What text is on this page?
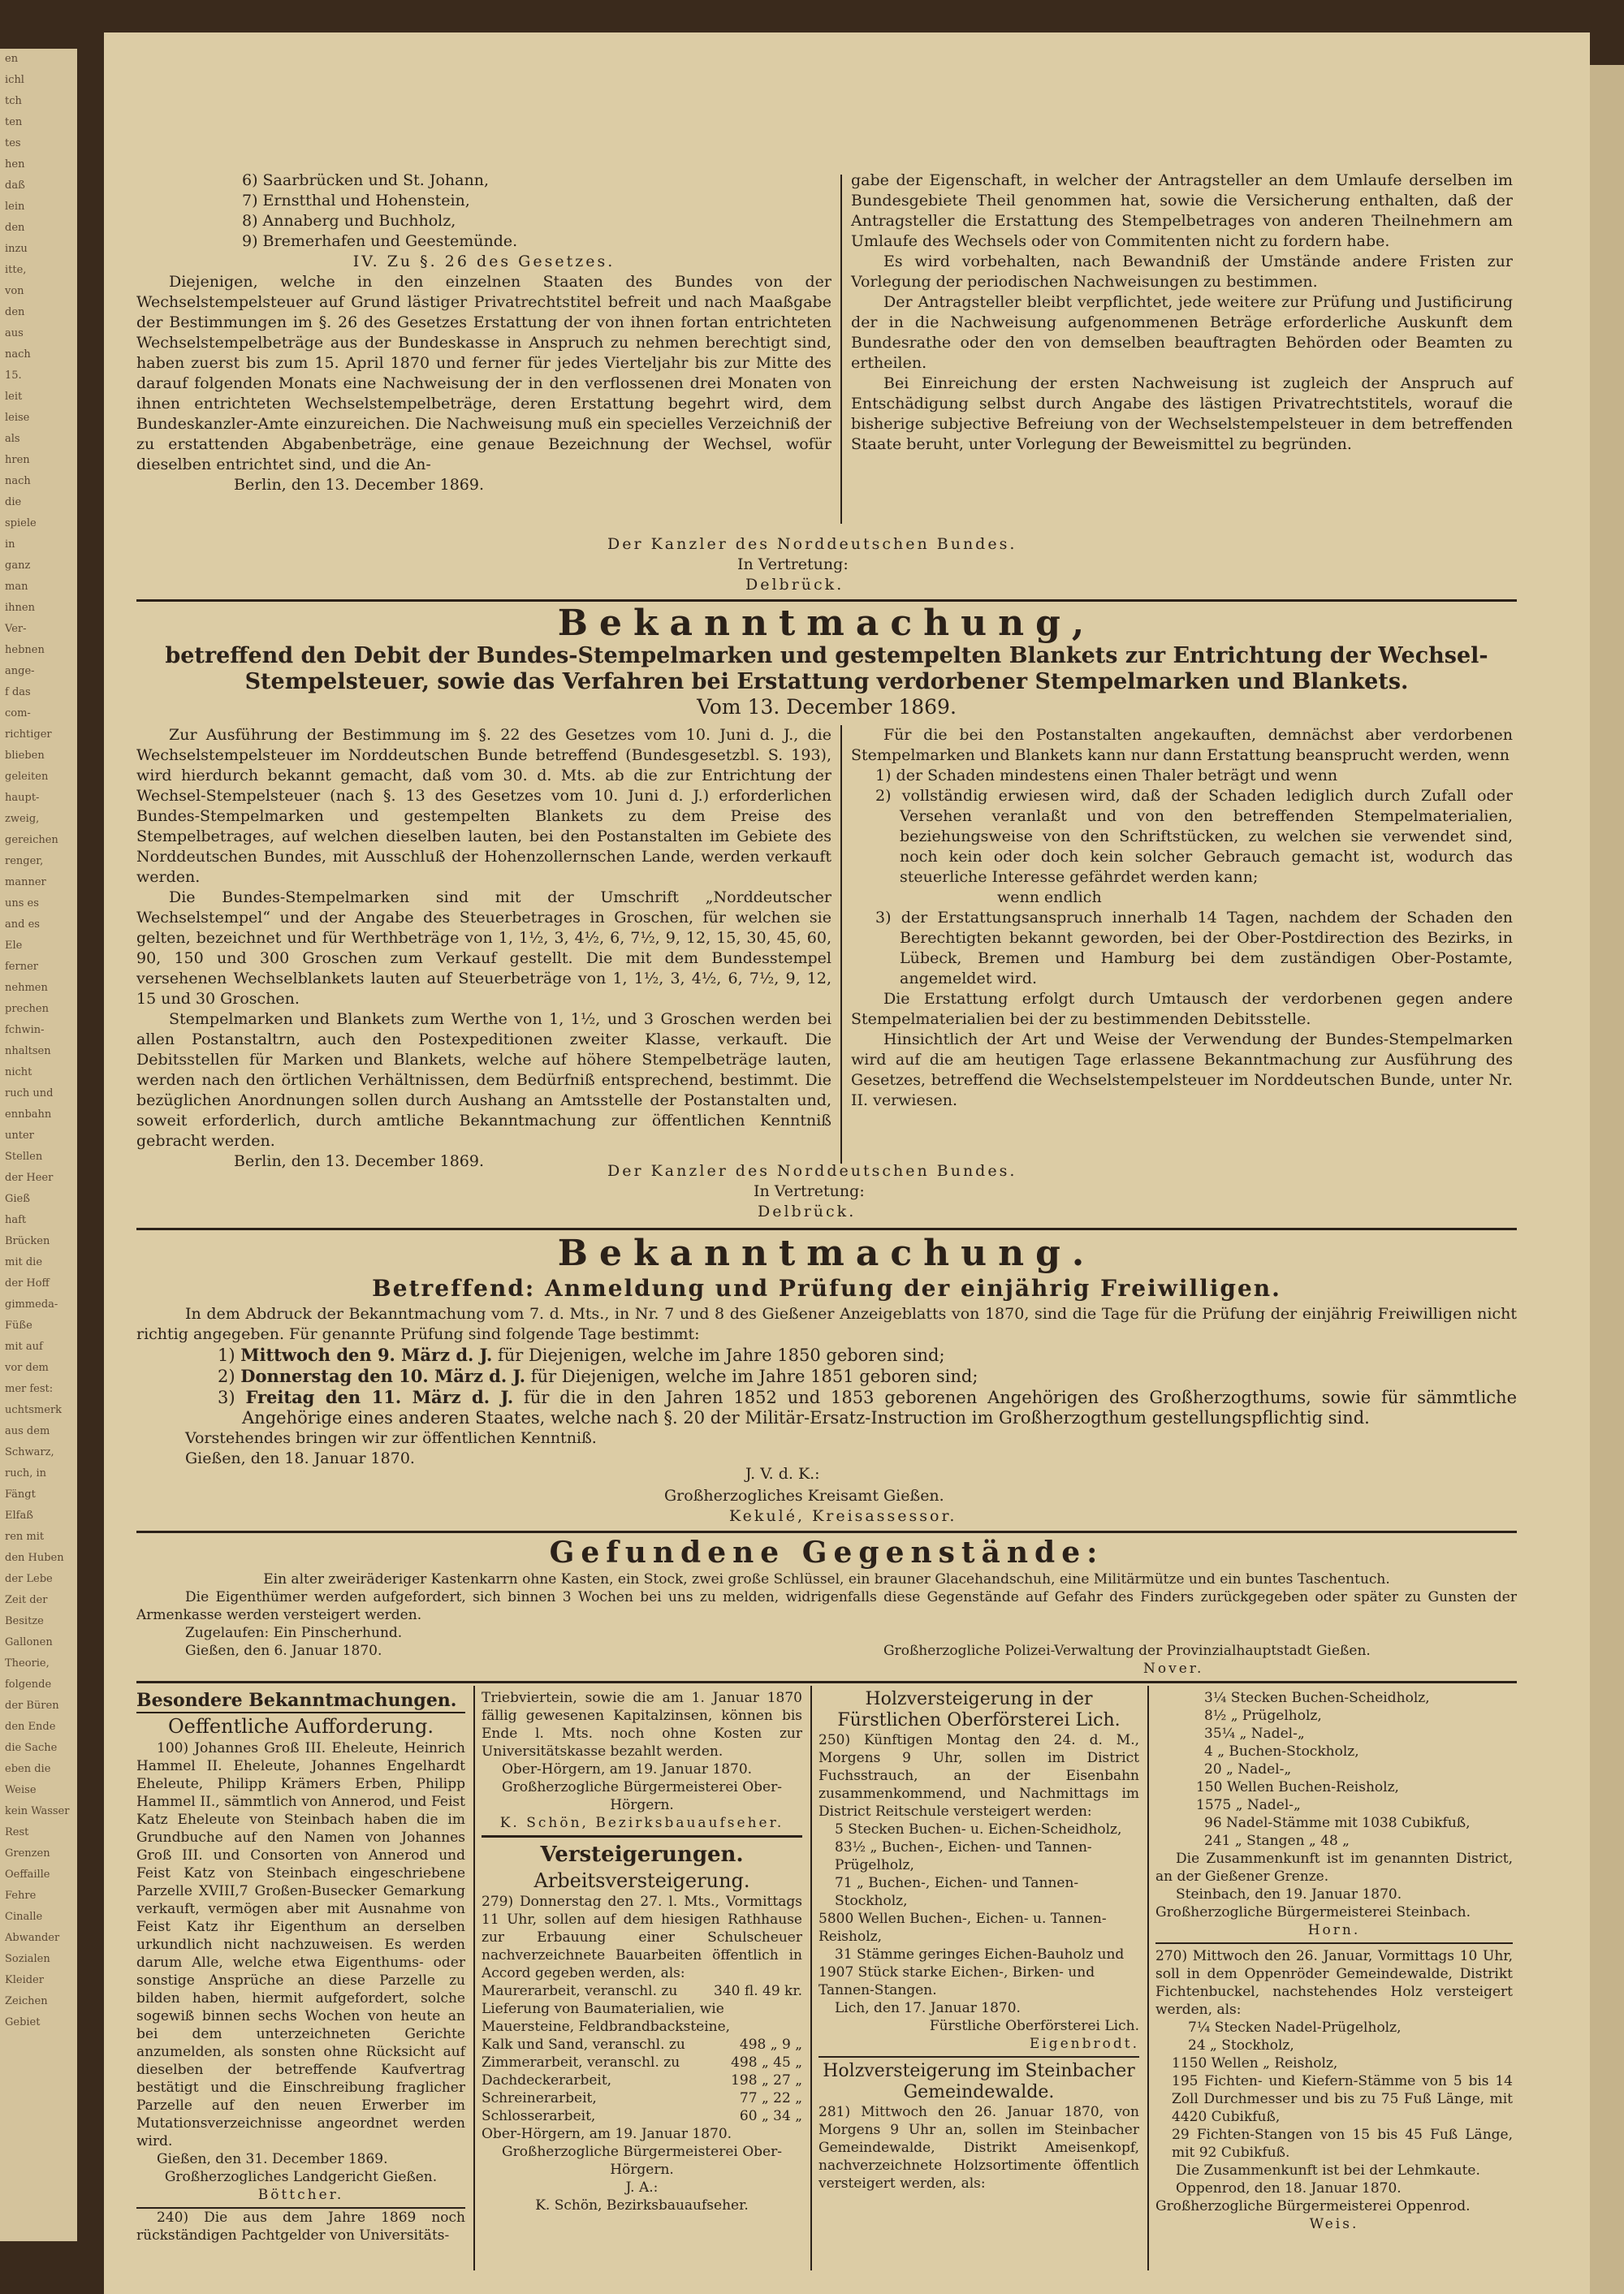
en
ichl
tch
ten
tes
hen
daß
lein
den
inzu
itte,
von
den
aus
nach
15.
leit
leise
als
hren
nach
die
spiele
in
ganz
man
ihnen
Ver-
hebnen
ange-
f das
com-
richtiger
blieben
geleiten
haupt-
zweig,
gereichen
renger,
manner
uns es
and es
Ele
ferner
nehmen
prechen
fchwin-
nhaltsen
nicht
ruch und
ennbahn
unter
Stellen
der Heer
Gieß
haft
Brücken
mit die
der Hoff
gimmeda-
Füße
mit auf
vor dem
mer fest:
uchtsmerk
aus dem
Schwarz,
ruch, in
Fängt
Elfaß
ren mit
den Huben
der Lebe
Zeit der
Besitze
Gallonen
Theorie,
folgende
der Büren
den Ende
die Sache
eben die
Weise
kein Wasser
Rest
Grenzen
Oeffaille
Fehre
Cinalle
Abwander
Sozialen
Kleider
Zeichen
Gebiet

6) Saarbrücken und St. Johann,

7) Ernstthal und Hohenstein,

8) Annaberg und Buchholz,

9) Bremerhafen und Geestemünde.

IV. Zu §. 26 des Gesetzes.

Diejenigen, welche in den einzelnen Staaten des Bundes von der Wechselstempelsteuer auf Grund lästiger Privatrechtstitel befreit und nach Maaßgabe der Bestimmungen im §. 26 des Gesetzes Erstattung der von ihnen fortan entrichteten Wechselstempelbeträge aus der Bundeskasse in Anspruch zu nehmen berechtigt sind, haben zuerst bis zum 15. April 1870 und ferner für jedes Vierteljahr bis zur Mitte des darauf folgenden Monats eine Nachweisung der in den verflossenen drei Monaten von ihnen entrichteten Wechselstempelbeträge, deren Erstattung begehrt wird, dem Bundeskanzler-Amte einzureichen. Die Nachweisung muß ein specielles Verzeichniß der zu erstattenden Abgabenbeträge, eine genaue Bezeichnung der Wechsel, wofür dieselben entrichtet sind, und die An-

Berlin, den 13. December 1869.

gabe der Eigenschaft, in welcher der Antragsteller an dem Umlaufe derselben im Bundesgebiete Theil genommen hat, sowie die Versicherung enthalten, daß der Antragsteller die Erstattung des Stempelbetrages von anderen Theilnehmern am Umlaufe des Wechsels oder von Commitenten nicht zu fordern habe.

Es wird vorbehalten, nach Bewandniß der Umstände andere Fristen zur Vorlegung der periodischen Nachweisungen zu bestimmen.

Der Antragsteller bleibt verpflichtet, jede weitere zur Prüfung und Justificirung der in die Nachweisung aufgenommenen Beträge erforderliche Auskunft dem Bundesrathe oder den von demselben beauftragten Behörden oder Beamten zu ertheilen.

Bei Einreichung der ersten Nachweisung ist zugleich der Anspruch auf Entschädigung selbst durch Angabe des lästigen Privatrechtstitels, worauf die bisherige subjective Befreiung von der Wechselstempelsteuer in dem betreffenden Staate beruht, unter Vorlegung der Beweismittel zu begründen.

Der Kanzler des Norddeutschen Bundes.

In Vertretung:

Delbrück.

Bekanntmachung,

betreffend den Debit der Bundes-Stempelmarken und gestempelten Blankets zur Entrichtung der Wechsel-

Stempelsteuer, sowie das Verfahren bei Erstattung verdorbener Stempelmarken und Blankets.

Vom 13. December 1869.

Zur Ausführung der Bestimmung im §. 22 des Gesetzes vom 10. Juni d. J., die Wechselstempelsteuer im Norddeutschen Bunde betreffend (Bundesgesetzbl. S. 193), wird hierdurch bekannt gemacht, daß vom 30. d. Mts. ab die zur Entrichtung der Wechsel-Stempelsteuer (nach §. 13 des Gesetzes vom 10. Juni d. J.) erforderlichen Bundes-Stempelmarken und gestempelten Blankets zu dem Preise des Stempelbetrages, auf welchen dieselben lauten, bei den Postanstalten im Gebiete des Norddeutschen Bundes, mit Ausschluß der Hohenzollernschen Lande, werden verkauft werden.

Die Bundes-Stempelmarken sind mit der Umschrift „Norddeutscher Wechselstempel“ und der Angabe des Steuerbetrages in Groschen, für welchen sie gelten, bezeichnet und für Werthbeträge von 1, 1½, 3, 4½, 6, 7½, 9, 12, 15, 30, 45, 60, 90, 150 und 300 Groschen zum Verkauf gestellt. Die mit dem Bundesstempel versehenen Wechselblankets lauten auf Steuerbeträge von 1, 1½, 3, 4½, 6, 7½, 9, 12, 15 und 30 Groschen.

Stempelmarken und Blankets zum Werthe von 1, 1½, und 3 Groschen werden bei allen Postanstaltrn, auch den Postexpeditionen zweiter Klasse, verkauft. Die Debitsstellen für Marken und Blankets, welche auf höhere Stempelbeträge lauten, werden nach den örtlichen Verhältnissen, dem Bedürfniß entsprechend, bestimmt. Die bezüglichen Anordnungen sollen durch Aushang an Amtsstelle der Postanstalten und, soweit erforderlich, durch amtliche Bekanntmachung zur öffentlichen Kenntniß gebracht werden.

Berlin, den 13. December 1869.

Für die bei den Postanstalten angekauften, demnächst aber verdorbenen Stempelmarken und Blankets kann nur dann Erstattung beansprucht werden, wenn

1) der Schaden mindestens einen Thaler beträgt und wenn

2) vollständig erwiesen wird, daß der Schaden lediglich durch Zufall oder Versehen veranlaßt und von den betreffenden Stempelmaterialien, beziehungsweise von den Schriftstücken, zu welchen sie verwendet sind, noch kein oder doch kein solcher Gebrauch gemacht ist, wodurch das steuerliche Interesse gefährdet werden kann;

wenn endlich

3) der Erstattungsanspruch innerhalb 14 Tagen, nachdem der Schaden den Berechtigten bekannt geworden, bei der Ober-Postdirection des Bezirks, in Lübeck, Bremen und Hamburg bei dem zuständigen Ober-Postamte, angemeldet wird.

Die Erstattung erfolgt durch Umtausch der verdorbenen gegen andere Stempelmaterialien bei der zu bestimmenden Debitsstelle.

Hinsichtlich der Art und Weise der Verwendung der Bundes-Stempelmarken wird auf die am heutigen Tage erlassene Bekanntmachung zur Ausführung des Gesetzes, betreffend die Wechselstempelsteuer im Norddeutschen Bunde, unter Nr. II. verwiesen.

Der Kanzler des Norddeutschen Bundes.

In Vertretung:

Delbrück.

Bekanntmachung.

Betreffend: Anmeldung und Prüfung der einjährig Freiwilligen.

In dem Abdruck der Bekanntmachung vom 7. d. Mts., in Nr. 7 und 8 des Gießener Anzeigeblatts von 1870, sind die Tage für die Prüfung der einjährig Freiwilligen nicht richtig angegeben. Für genannte Prüfung sind folgende Tage bestimmt:

1) Mittwoch den 9. März d. J. für Diejenigen, welche im Jahre 1850 geboren sind;

2) Donnerstag den 10. März d. J. für Diejenigen, welche im Jahre 1851 geboren sind;

3) Freitag den 11. März d. J. für die in den Jahren 1852 und 1853 geborenen Angehörigen des Großherzogthums, sowie für sämmtliche Angehörige eines anderen Staates, welche nach §. 20 der Militär-Ersatz-Instruction im Großherzogthum gestellungspflichtig sind.

Vorstehendes bringen wir zur öffentlichen Kenntniß.

Gießen, den 18. Januar 1870.

Großherzogliches Kreisamt Gießen.

J. V. d. K.:

Kekulé, Kreisassessor.

Gefundene Gegenstände:

Ein alter zweiräderiger Kastenkarrn ohne Kasten, ein Stock, zwei große Schlüssel, ein brauner Glacehandschuh, eine Militärmütze und ein buntes Taschentuch.

Die Eigenthümer werden aufgefordert, sich binnen 3 Wochen bei uns zu melden, widrigenfalls diese Gegenstände auf Gefahr des Finders zurückgegeben oder später zu Gunsten der Armenkasse werden versteigert werden.

Zugelaufen: Ein Pinscherhund.

Gießen, den 6. Januar 1870.	Großherzogliche Polizei-Verwaltung der Provinzialhauptstadt Gießen.

Nover.

Besondere Bekanntmachungen.

Oeffentliche Aufforderung.

100) Johannes Groß III. Eheleute, Heinrich Hammel II. Eheleute, Johannes Engelhardt Eheleute, Philipp Krämers Erben, Philipp Hammel II., sämmtlich von Annerod, und Feist Katz Eheleute von Steinbach haben die im Grundbuche auf den Namen von Johannes Groß III. und Consorten von Annerod und Feist Katz von Steinbach eingeschriebene Parzelle XVIII,7 Großen-Busecker Gemarkung verkauft, vermögen aber mit Ausnahme von Feist Katz ihr Eigenthum an derselben urkundlich nicht nachzuweisen. Es werden darum Alle, welche etwa Eigenthums- oder sonstige Ansprüche an diese Parzelle zu bilden haben, hiermit aufgefordert, solche sogewiß binnen sechs Wochen von heute an bei dem unterzeichneten Gerichte anzumelden, als sonsten ohne Rücksicht auf dieselben der betreffende Kaufvertrag bestätigt und die Einschreibung fraglicher Parzelle auf den neuen Erwerber im Mutationsverzeichnisse angeordnet werden wird.

Gießen, den 31. December 1869.

Großherzogliches Landgericht Gießen.

Böttcher.

240) Die aus dem Jahre 1869 noch rückständigen Pachtgelder von Universitäts-

Triebviertein, sowie die am 1. Januar 1870 fällig gewesenen Kapitalzinsen, können bis Ende l. Mts. noch ohne Kosten zur Universitätskasse bezahlt werden.

Ober-Hörgern, am 19. Januar 1870.

Großherzogliche Bürgermeisterei Ober-Hörgern.

K. Schön, Bezirksbauaufseher.

Versteigerungen.

Arbeitsversteigerung.

279) Donnerstag den 27. l. Mts., Vormittags 11 Uhr, sollen auf dem hiesigen Rathhause zur Erbauung einer Schulscheuer nachverzeichnete Bauarbeiten öffentlich in Accord gegeben werden, als:

Maurerarbeit, veranschl. zu	340 fl. 49 kr.

Lieferung von Baumaterialien, wie Mauersteine, Feldbrandbacksteine, Kalk und Sand, veranschl. zu	498 „ 9 „

Zimmerarbeit, veranschl. zu	498 „ 45 „

Dachdeckerarbeit,	198 „ 27 „

Schreinerarbeit,	77 „ 22 „

Schlosserarbeit,	60 „ 34 „

Ober-Hörgern, am 19. Januar 1870.

Großherzogliche Bürgermeisterei Ober-Hörgern.

J. A.:

K. Schön, Bezirksbauaufseher.

Holzversteigerung in der Fürstlichen Oberförsterei Lich.

250) Künftigen Montag den 24. d. M., Morgens 9 Uhr, sollen im District Fuchsstrauch, an der Eisenbahn zusammenkommend, und Nachmittags im District Reitschule versteigert werden:

5 Stecken Buchen- u. Eichen-Scheidholz,

83½ „ Buchen-, Eichen- und Tannen-Prügelholz,

71 „ Buchen-, Eichen- und Tannen-Stockholz,

5800 Wellen Buchen-, Eichen- u. Tannen-Reisholz,

31 Stämme geringes Eichen-Bauholz und

1907 Stück starke Eichen-, Birken- und Tannen-Stangen.

Lich, den 17. Januar 1870.

Fürstliche Oberförsterei Lich.

Eigenbrodt.

Holzversteigerung im Steinbacher Gemeindewalde.

281) Mittwoch den 26. Januar 1870, von Morgens 9 Uhr an, sollen im Steinbacher Gemeindewalde, Distrikt Ameisenkopf, nachverzeichnete Holzsortimente öffentlich versteigert werden, als:

3¼ Stecken Buchen-Scheidholz,

8½ „ Prügelholz,

35¼ „ Nadel-„

4 „ Buchen-Stockholz,

20 „ Nadel-„

150 Wellen Buchen-Reisholz,

1575 „ Nadel-„

96 Nadel-Stämme mit 1038 Cubikfuß,

241 „ Stangen „ 48 „

Die Zusammenkunft ist im genannten District, an der Gießener Grenze.

Steinbach, den 19. Januar 1870.

Großherzogliche Bürgermeisterei Steinbach.

Horn.

270) Mittwoch den 26. Januar, Vormittags 10 Uhr, soll in dem Oppenröder Gemeindewalde, Distrikt Fichtenbuckel, nachstehendes Holz versteigert werden, als:

7¼ Stecken Nadel-Prügelholz,

24 „ Stockholz,

1150 Wellen „ Reisholz,

195 Fichten- und Kiefern-Stämme von 5 bis 14 Zoll Durchmesser und bis zu 75 Fuß Länge, mit 4420 Cubikfuß,

29 Fichten-Stangen von 15 bis 45 Fuß Länge, mit 92 Cubikfuß.

Die Zusammenkunft ist bei der Lehmkaute.

Oppenrod, den 18. Januar 1870.

Großherzogliche Bürgermeisterei Oppenrod.

Weis.
